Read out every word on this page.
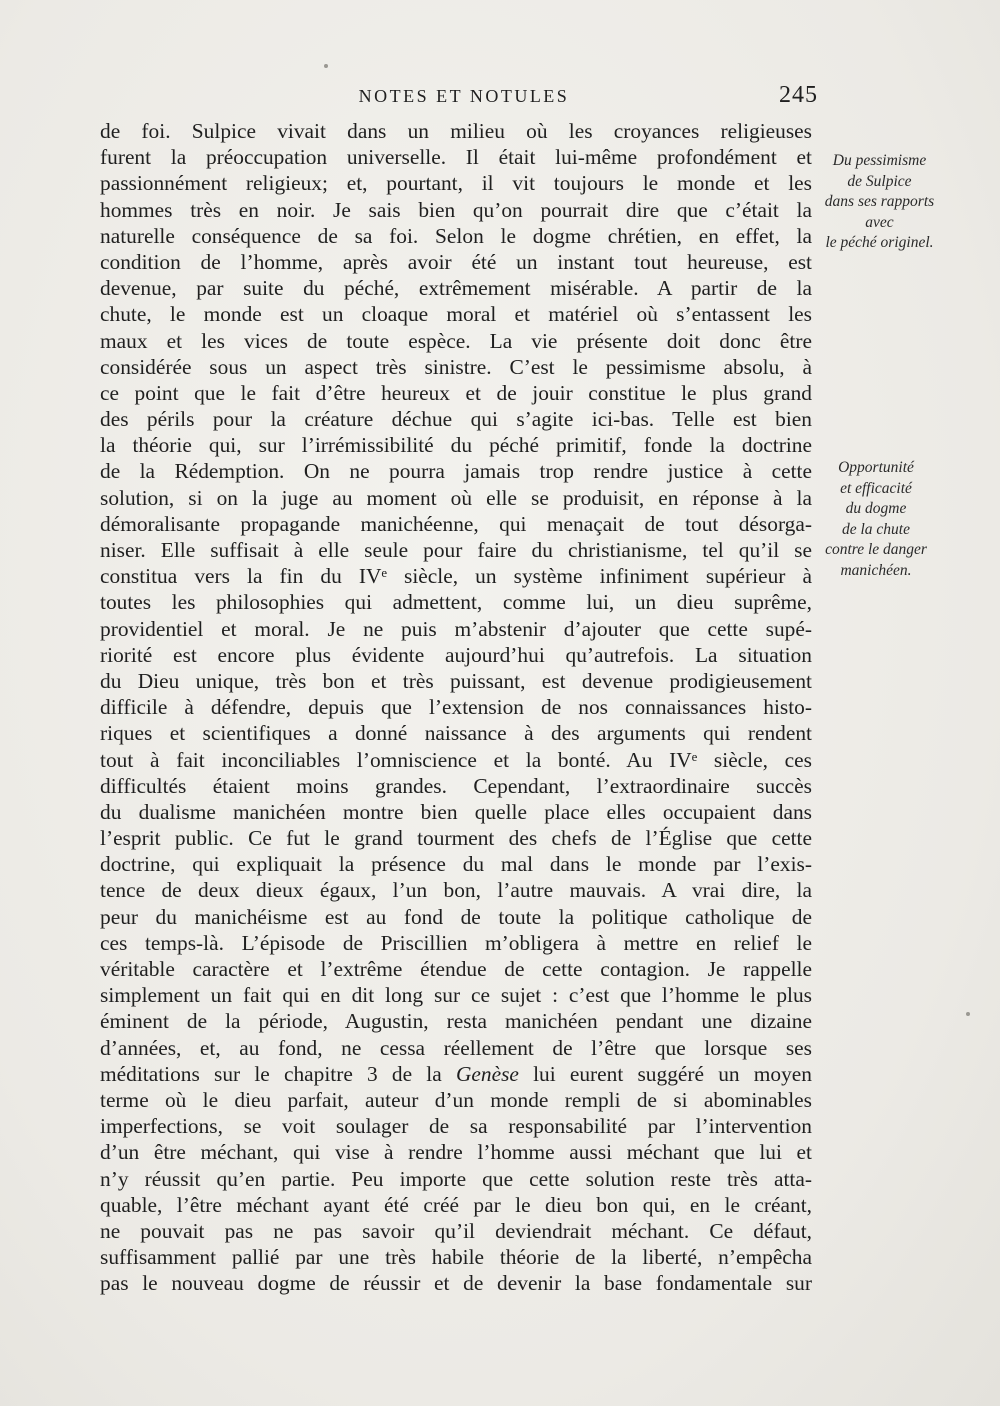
NOTES ET NOTULES	245
de foi. Sulpice vivait dans un milieu où les croyances religieuses
furent la préoccupation universelle. Il était lui-même profondément et
passionnément religieux; et, pourtant, il vit toujours le monde et les
hommes très en noir. Je sais bien qu’on pourrait dire que c’était la
naturelle conséquence de sa foi. Selon le dogme chrétien, en effet, la
condition de l’homme, après avoir été un instant tout heureuse, est
devenue, par suite du péché, extrêmement misérable. A partir de la
chute, le monde est un cloaque moral et matériel où s’entassent les
maux et les vices de toute espèce. La vie présente doit donc être
considérée sous un aspect très sinistre. C’est le pessimisme absolu, à
ce point que le fait d’être heureux et de jouir constitue le plus grand
des périls pour la créature déchue qui s’agite ici-bas. Telle est bien
la théorie qui, sur l’irrémissibilité du péché primitif, fonde la doctrine
de la Rédemption. On ne pourra jamais trop rendre justice à cette
solution, si on la juge au moment où elle se produisit, en réponse à la
démoralisante propagande manichéenne, qui menaçait de tout désorga-
niser. Elle suffisait à elle seule pour faire du christianisme, tel qu’il se
constitua vers la fin du IVᵉ siècle, un système infiniment supérieur à
toutes les philosophies qui admettent, comme lui, un dieu suprême,
providentiel et moral. Je ne puis m’abstenir d’ajouter que cette supé-
riorité est encore plus évidente aujourd’hui qu’autrefois. La situation
du Dieu unique, très bon et très puissant, est devenue prodigieusement
difficile à défendre, depuis que l’extension de nos connaissances histo-
riques et scientifiques a donné naissance à des arguments qui rendent
tout à fait inconciliables l’omniscience et la bonté. Au IVᵉ siècle, ces
difficultés étaient moins grandes. Cependant, l’extraordinaire succès
du dualisme manichéen montre bien quelle place elles occupaient dans
l’esprit public. Ce fut le grand tourment des chefs de l’Église que cette
doctrine, qui expliquait la présence du mal dans le monde par l’exis-
tence de deux dieux égaux, l’un bon, l’autre mauvais. A vrai dire, la
peur du manichéisme est au fond de toute la politique catholique de
ces temps-là. L’épisode de Priscillien m’obligera à mettre en relief le
véritable caractère et l’extrême étendue de cette contagion. Je rappelle
simplement un fait qui en dit long sur ce sujet : c’est que l’homme le plus
éminent de la période, Augustin, resta manichéen pendant une dizaine
d’années, et, au fond, ne cessa réellement de l’être que lorsque ses
méditations sur le chapitre 3 de la Genèse lui eurent suggéré un moyen
terme où le dieu parfait, auteur d’un monde rempli de si abominables
imperfections, se voit soulager de sa responsabilité par l’intervention
d’un être méchant, qui vise à rendre l’homme aussi méchant que lui et
n’y réussit qu’en partie. Peu importe que cette solution reste très atta-
quable, l’être méchant ayant été créé par le dieu bon qui, en le créant,
ne pouvait pas ne pas savoir qu’il deviendrait méchant. Ce défaut,
suffisamment pallié par une très habile théorie de la liberté, n’empêcha
pas le nouveau dogme de réussir et de devenir la base fondamentale sur
Du pessimisme
de Sulpice
dans ses rapports
avec
le péché originel.
Opportunité
et efficacité
du dogme
de la chute
contre le danger
manichéen.
